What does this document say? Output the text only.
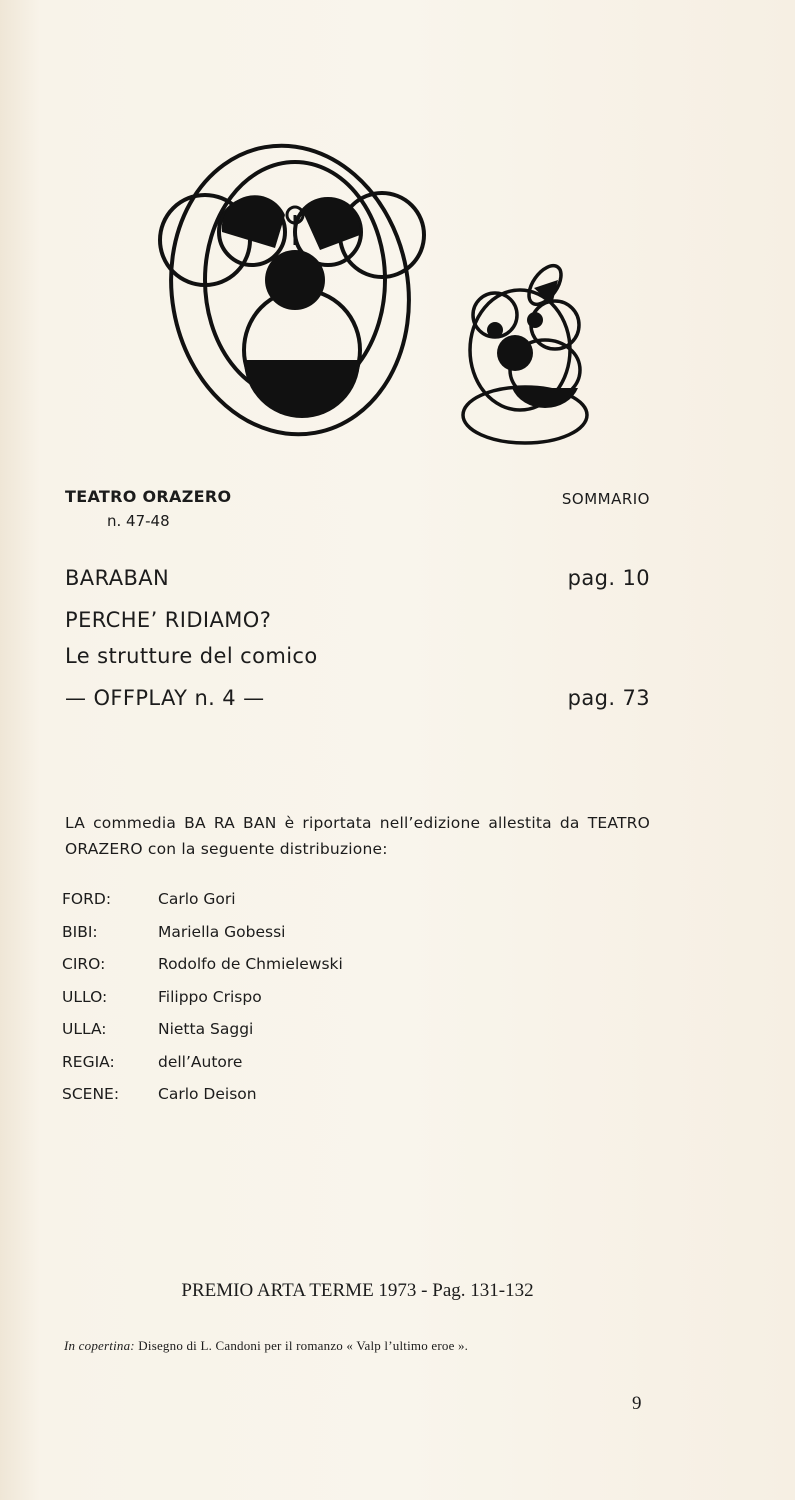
TEATRO ORAZERO
n. 47-48
SOMMARIO
BARABAN	pag. 10
PERCHE’ RIDIAMO?
Le strutture del comico
— OFFPLAY n. 4 —	pag. 73
LA commedia BA RA BAN è riportata nell’edizione allestita da TEATRO ORAZERO con la seguente distribuzione:
FORD:	Carlo Gori
BIBI:	Mariella Gobessi
CIRO:	Rodolfo de Chmielewski
ULLO:	Filippo Crispo
ULLA:	Nietta Saggi
REGIA:	dell’Autore
SCENE:	Carlo Deison
PREMIO ARTA TERME 1973 - Pag. 131-132
In copertina: Disegno di L. Candoni per il romanzo « Valp l’ultimo eroe ».
9
